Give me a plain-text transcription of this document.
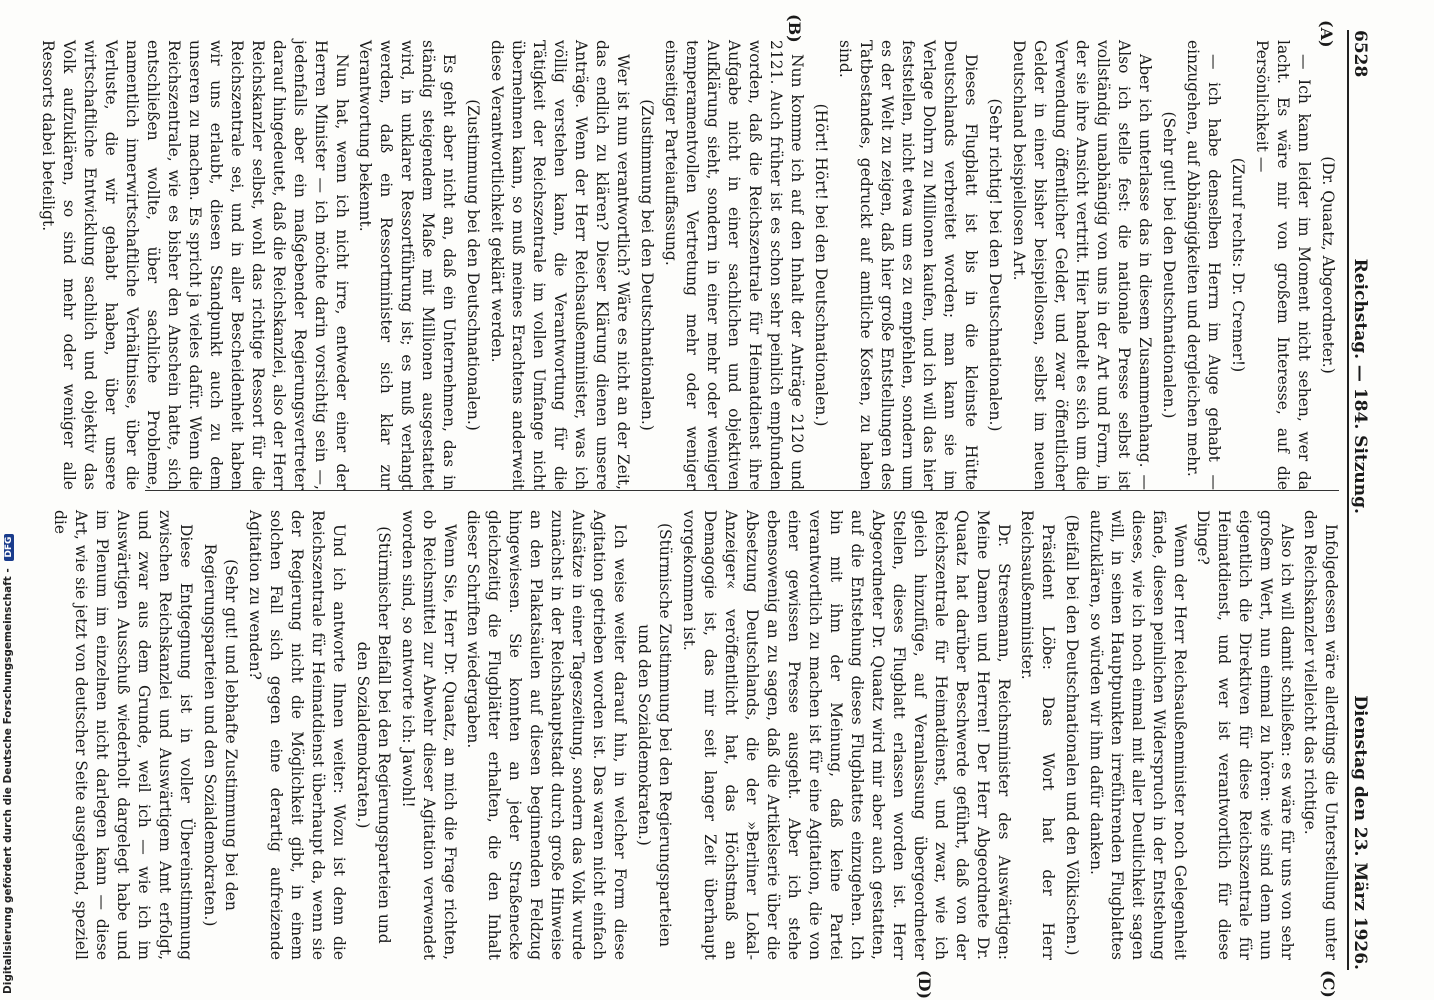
6528
Reichstag. — 184. Sitzung.
Dienstag den 23. März 1926.
(A)
(B)
(C)
(D)

(Dr. Quaatz, Abgeordneter.)

— Ich kann leider im Moment nicht sehen, wer da lacht. Es wäre mir von großem Interesse, auf die Persönlichkeit —

(Zuruf rechts: Dr. Cremer!)

— ich habe denselben Herrn im Auge gehabt — einzugehen, auf Abhängigkeiten und dergleichen mehr.

(Sehr gut! bei den Deutschnationalen.)

Aber ich unterlasse das in diesem Zusammenhang. — Also ich stelle fest: die nationale Presse selbst ist vollständig unabhängig von uns in der Art und Form, in der sie ihre Ansicht vertritt. Hier handelt es sich um die Verwendung öffentlicher Gelder, und zwar öffentlicher Gelder in einer bisher beispiellosen, selbst im neuen Deutschland beispiellosen Art.

(Sehr richtig! bei den Deutschnationalen.)

Dieses Flugblatt ist bis in die kleinste Hütte Deutschlands verbreitet worden; man kann sie im Verlage Dohrn zu Millionen kaufen, und ich will das hier feststellen, nicht etwa um es zu empfehlen, sondern um es der Welt zu zeigen, daß hier große Entstellungen des Tatbestandes, gedruckt auf amtliche Kosten, zu haben sind.

(Hört! Hört! bei den Deutschnationalen.)

Nun komme ich auf den Inhalt der Anträge 2120 und 2121. Auch früher ist es schon sehr peinlich empfunden worden, daß die Reichszentrale für Heimatdienst ihre Aufgabe nicht in einer sachlichen und objektiven Aufklärung sieht, sondern in einer mehr oder weniger temperamentvollen Vertretung mehr oder weniger einseitiger Parteiauffassung.

(Zustimmung bei den Deutschnationalen.)

Wer ist nun verantwortlich? Wäre es nicht an der Zeit, das endlich zu klären? Dieser Klärung dienen unsere Anträge. Wenn der Herr Reichsaußenminister, was ich völlig verstehen kann, die Verantwortung für die Tätigkeit der Reichszentrale im vollen Umfange nicht übernehmen kann, so muß meines Erachtens anderweit diese Verantwortlichkeit geklärt werden.

(Zustimmung bei den Deutschnationalen.)

Es geht aber nicht an, daß ein Unternehmen, das in ständig steigendem Maße mit Millionen ausgestattet wird, in unklarer Ressortführung ist; es muß verlangt werden, daß ein Ressortminister sich klar zur Verantwortung bekennt.

Nun hat, wenn ich nicht irre, entweder einer der Herren Minister — ich möchte darin vorsichtig sein —, jedenfalls aber ein maßgebender Regierungsvertreter darauf hingedeutet, daß die Reichskanzlei, also der Herr Reichskanzler selbst, wohl das richtige Ressort für die Reichszentrale sei, und in aller Bescheidenheit haben wir uns erlaubt, diesen Standpunkt auch zu dem unseren zu machen. Es spricht ja vieles dafür. Wenn die Reichszentrale, wie es bisher den Anschein hatte, sich entschließen wollte, über sachliche Probleme, namentlich innerwirtschaftliche Verhältnisse, über die Verluste, die wir gehabt haben, über unsere wirtschaftliche Entwicklung sachlich und objektiv das Volk aufzuklären, so sind mehr oder weniger alle Ressorts dabei beteiligt.

Infolgedessen wäre allerdings die Unterstellung unter den Reichskanzler vielleicht das richtige.

Also ich will damit schließen: es wäre für uns von sehr großem Wert, nun einmal zu hören: wie sind denn nun eigentlich die Direktiven für diese Reichszentrale für Heimatdienst, und wer ist verantwortlich für diese Dinge?

Wenn der Herr Reichsaußenminister noch Gelegenheit fände, diesen peinlichen Widerspruch in der Entstehung dieses, wie ich noch einmal mit aller Deutlichkeit sagen will, in seinen Hauptpunkten irreführenden Flugblattes aufzuklären, so würden wir ihm dafür danken.

(Beifall bei den Deutschnationalen und den Völkischen.)

Präsident Löbe: Das Wort hat der Herr Reichsaußenminister.

Dr. Stresemann, Reichsminister des Auswärtigen: Meine Damen und Herren! Der Herr Abgeordnete Dr. Quaatz hat darüber Beschwerde geführt, daß von der Reichszentrale für Heimatdienst, und zwar, wie ich gleich hinzufüge, auf Veranlassung übergeordneter Stellen, dieses Flugblatt erlassen worden ist. Herr Abgeordneter Dr. Quaatz wird mir aber auch gestatten, auf die Entstehung dieses Flugblattes einzugehen. Ich bin mit ihm der Meinung, daß keine Partei verantwortlich zu machen ist für eine Agitation, die von einer gewissen Presse ausgeht. Aber ich stehe ebensowenig an zu sagen, daß die Artikelserie über die Absetzung Deutschlands, die der »Berliner Lokal-Anzeiger« veröffentlicht hat, das Höchstmaß an Demagogie ist, das mir seit langer Zeit überhaupt vorgekommen ist.

(Stürmische Zustimmung bei den Regierungsparteien und den Sozialdemokraten.)

Ich weise weiter darauf hin, in welcher Form diese Agitation getrieben worden ist. Das waren nicht einfach Aufsätze in einer Tageszeitung, sondern das Volk wurde zunächst in der Reichshauptstadt durch große Hinweise an den Plakatsäulen auf diesen beginnenden Feldzug hingewiesen. Sie konnten an jeder Straßenecke gleichzeitig die Flugblätter erhalten, die den Inhalt dieser Schriften wiedergaben.

Wenn Sie, Herr Dr. Quaatz, an mich die Frage richten, ob Reichsmittel zur Abwehr dieser Agitation verwendet worden sind, so antworte ich: Jawohl!

(Stürmischer Beifall bei den Regierungsparteien und den Sozialdemokraten.)

Und ich antworte Ihnen weiter: Wozu ist denn die Reichszentrale für Heimatdienst überhaupt da, wenn sie der Regierung nicht die Möglichkeit gibt, in einem solchen Fall sich gegen eine derartig aufreizende Agitation zu wenden?

(Sehr gut! und lebhafte Zustimmung bei den Regierungsparteien und den Sozialdemokraten.)

Diese Entgegnung ist in voller Übereinstimmung zwischen Reichskanzlei und Auswärtigem Amt erfolgt, und zwar aus dem Grunde, weil ich — wie ich im Auswärtigen Ausschuß wiederholt dargelegt habe und im Plenum im einzelnen nicht darlegen kann — diese Art, wie sie jetzt von deutscher Seite ausgehend, speziell die

Digitalisierung gefördert durch die Deutsche Forschungsgemeinschaft - DFG
